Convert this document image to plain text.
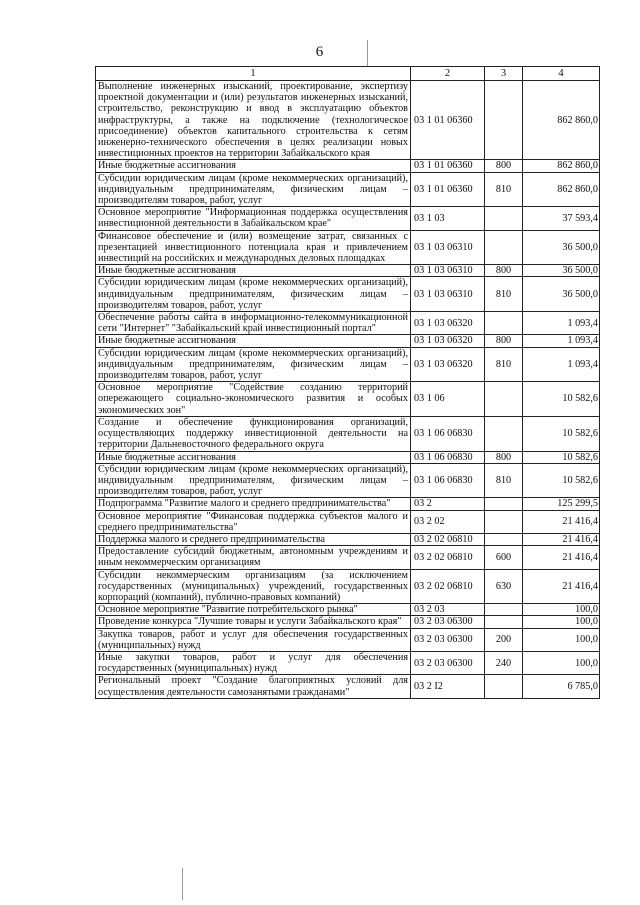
6
1	2	3	4
Выполнение инженерных изысканий, проектирование, экспертизу проектной документации и (или) результатов инженерных изысканий, строительство, реконструкцию и ввод в эксплуатацию объектов инфраструктуры, а также на подключение (технологическое присоединение) объектов капитального строительства к сетям инженерно-технического обеспечения в целях реализации новых инвестиционных проектов на территории Забайкальского края	03 1 01 06360		862 860,0
Иные бюджетные ассигнования	03 1 01 06360	800	862 860,0
Субсидии юридическим лицам (кроме некоммерческих организаций), индивидуальным предпринимателям, физическим лицам – производителям товаров, работ, услуг	03 1 01 06360	810	862 860,0
Основное мероприятие "Информационная поддержка осуществления инвестиционной деятельности в Забайкальском крае"	03 1 03		37 593,4
Финансовое обеспечение и (или) возмещение затрат, связанных с презентацией инвестиционного потенциала края и привлечением инвестиций на российских и международных деловых площадках	03 1 03 06310		36 500,0
Иные бюджетные ассигнования	03 1 03 06310	800	36 500,0
Субсидии юридическим лицам (кроме некоммерческих организаций), индивидуальным предпринимателям, физическим лицам – производителям товаров, работ, услуг	03 1 03 06310	810	36 500,0
Обеспечение работы сайта в информационно-телекоммуникационной сети "Интернет" "Забайкальский край инвестиционный портал"	03 1 03 06320		1 093,4
Иные бюджетные ассигнования	03 1 03 06320	800	1 093,4
Субсидии юридическим лицам (кроме некоммерческих организаций), индивидуальным предпринимателям, физическим лицам – производителям товаров, работ, услуг	03 1 03 06320	810	1 093,4
Основное мероприятие "Содействие созданию территорий опережающего социально-экономического развития и особых экономических зон"	03 1 06		10 582,6
Создание и обеспечение функционирования организаций, осуществляющих поддержку инвестиционной деятельности на территории Дальневосточного федерального округа	03 1 06 06830		10 582,6
Иные бюджетные ассигнования	03 1 06 06830	800	10 582,6
Субсидии юридическим лицам (кроме некоммерческих организаций), индивидуальным предпринимателям, физическим лицам – производителям товаров, работ, услуг	03 1 06 06830	810	10 582,6
Подпрограмма "Развитие малого и среднего предпринимательства"	03 2		125 299,5
Основное мероприятие "Финансовая поддержка субъектов малого и среднего предпринимательства"	03 2 02		21 416,4
Поддержка малого и среднего предпринимательства	03 2 02 06810		21 416,4
Предоставление субсидий бюджетным, автономным учреждениям и иным некоммерческим организациям	03 2 02 06810	600	21 416,4
Субсидии некоммерческим организациям (за исключением государственных (муниципальных) учреждений, государственных корпораций (компаний), публично-правовых компаний)	03 2 02 06810	630	21 416,4
Основное мероприятие "Развитие потребительского рынка"	03 2 03		100,0
Проведение конкурса "Лучшие товары и услуги Забайкальского края"	03 2 03 06300		100,0
Закупка товаров, работ и услуг для обеспечения государственных (муниципальных) нужд	03 2 03 06300	200	100,0
Иные закупки товаров, работ и услуг для обеспечения государственных (муниципальных) нужд	03 2 03 06300	240	100,0
Региональный проект "Создание благоприятных условий для осуществления деятельности самозанятыми гражданами"	03 2 I2		6 785,0
